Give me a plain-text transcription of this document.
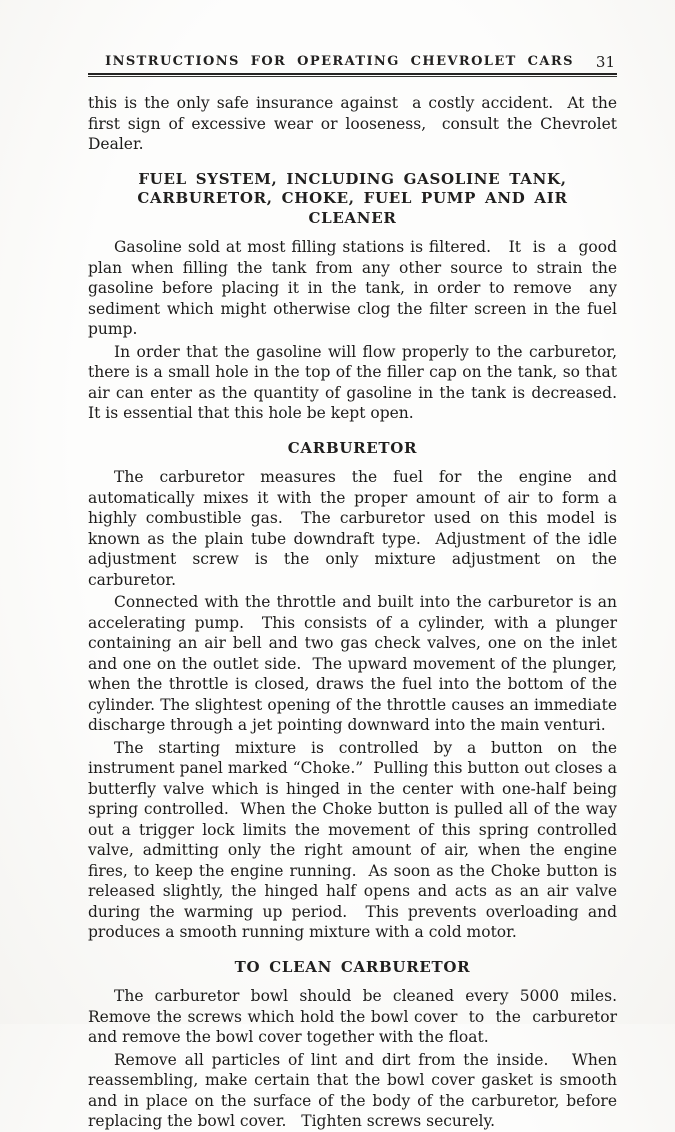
INSTRUCTIONS FOR OPERATING CHEVROLET CARS 31

this is the only safe insurance against  a costly accident.  At the first sign of excessive wear or looseness,  consult the Chevrolet Dealer.

FUEL SYSTEM, INCLUDING GASOLINE TANK, CARBURETOR, CHOKE, FUEL PUMP AND AIR CLEANER

Gasoline sold at most filling stations is filtered.   It  is  a  good plan when filling the tank from any other source to strain the gasoline before placing it in the tank, in order to remove  any  sediment which might otherwise clog the filter screen in the fuel pump.

In order that the gasoline will flow properly to the carburetor, there is a small hole in the top of the filler cap on the tank, so that air can enter as the quantity of gasoline in the tank is decreased.  It is essential that this hole be kept open.

CARBURETOR

The carburetor measures the fuel for the engine and automatically mixes it with the proper amount of air to form a highly combustible gas.  The carburetor used on this model is known as the plain tube downdraft type.  Adjustment of the idle adjustment screw is the only mixture adjustment on the carburetor.

Connected with the throttle and built into the carburetor is an accelerating pump.  This consists of a cylinder, with a plunger containing an air bell and two gas check valves, one on the inlet and one on the outlet side.  The upward movement of the plunger, when the throttle is closed, draws the fuel into the bottom of the cylinder. The slightest opening of the throttle causes an immediate discharge through a jet pointing downward into the main venturi.

The starting mixture is controlled by a button on the instrument panel marked “Choke.”  Pulling this button out closes a butterfly valve which is hinged in the center with one-half being spring controlled.  When the Choke button is pulled all of the way out a trigger lock limits the movement of this spring controlled valve, admitting only the right amount of air, when the engine fires, to keep the engine running.  As soon as the Choke button is released slightly, the hinged half opens and acts as an air valve during the warming up period.  This prevents overloading and produces a smooth running mixture with a cold motor.

TO CLEAN CARBURETOR

The carburetor bowl should be cleaned every 5000 miles.  Remove the screws which hold the bowl cover  to  the  carburetor and remove the bowl cover together with the float.

Remove all particles of lint and dirt from the inside.   When reassembling, make certain that the bowl cover gasket is smooth and in place on the surface of the body of the carburetor, before replacing the bowl cover.   Tighten screws securely.
